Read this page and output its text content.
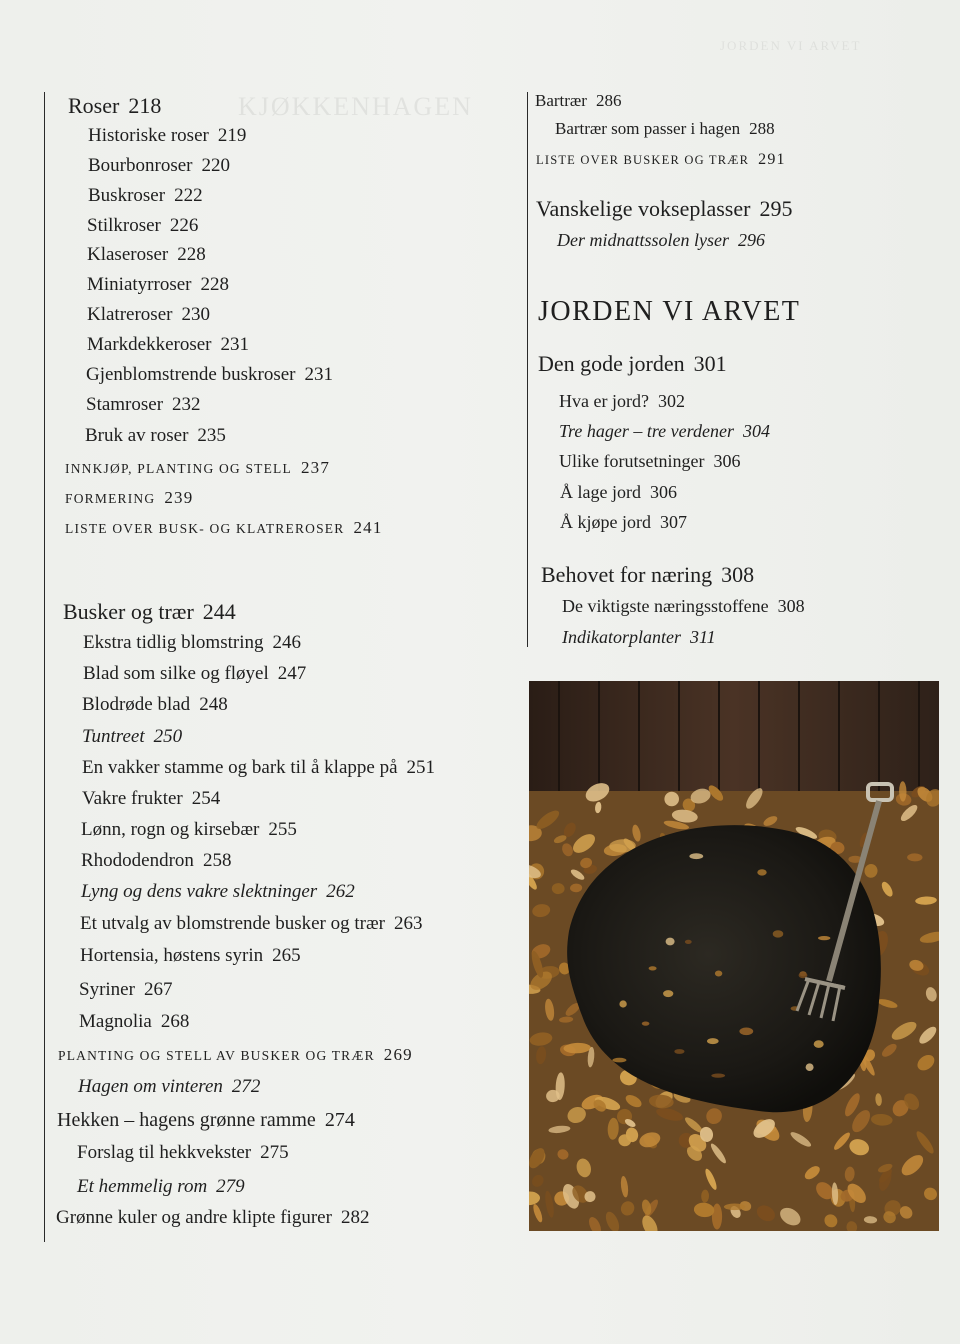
KJØKKENHAGEN
JORDEN VI ARVET
Roser 218
Historiske roser 219
Bourbonroser 220
Buskroser 222
Stilkroser 226
Klaseroser 228
Miniatyrroser 228
Klatreroser 230
Markdekkeroser 231
Gjenblomstrende buskroser 231
Stamroser 232
Bruk av roser 235
INNKJØP, PLANTING OG STELL 237
FORMERING 239
LISTE OVER BUSK- OG KLATREROSER 241
Busker og trær 244
Ekstra tidlig blomstring 246
Blad som silke og fløyel 247
Blodrøde blad 248
Tuntreet 250
En vakker stamme og bark til å klappe på 251
Vakre frukter 254
Lønn, rogn og kirsebær 255
Rhododendron 258
Lyng og dens vakre slektninger 262
Et utvalg av blomstrende busker og trær 263
Hortensia, høstens syrin 265
Syriner 267
Magnolia 268
PLANTING OG STELL AV BUSKER OG TRÆR 269
Hagen om vinteren 272
Hekken – hagens grønne ramme 274
Forslag til hekkvekster 275
Et hemmelig rom 279
Grønne kuler og andre klipte figurer 282
Bartrær 286
Bartrær som passer i hagen 288
LISTE OVER BUSKER OG TRÆR 291
Vanskelige vokseplasser 295
Der midnattssolen lyser 296
JORDEN VI ARVET
Den gode jorden 301
Hva er jord? 302
Tre hager – tre verdener 304
Ulike forutsetninger 306
Å lage jord 306
Å kjøpe jord 307
Behovet for næring 308
De viktigste næringsstoffene 308
Indikatorplanter 311
